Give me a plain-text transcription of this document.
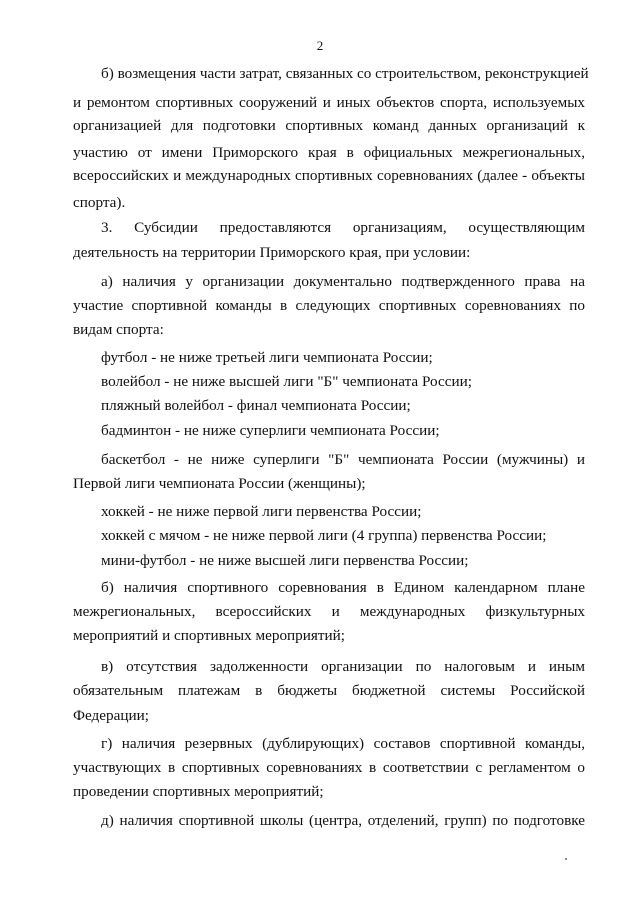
2
б) возмещения части затрат, связанных со строительством, реконструкцией
и ремонтом спортивных сооружений и иных объектов спорта, используемых
организацией для подготовки спортивных команд данных организаций к
участию от имени Приморского края в официальных межрегиональных,
всероссийских и международных спортивных соревнованиях (далее - объекты
спорта).
3. Субсидии предоставляются организациям, осуществляющим
деятельность на территории Приморского края, при условии:
а) наличия у организации документально подтвержденного права на
участие спортивной команды в следующих спортивных соревнованиях по
видам спорта:
футбол - не ниже третьей лиги чемпионата России;
волейбол - не ниже высшей лиги "Б" чемпионата России;
пляжный волейбол - финал чемпионата России;
бадминтон - не ниже суперлиги чемпионата России;
баскетбол - не ниже суперлиги "Б" чемпионата России (мужчины) и
Первой лиги чемпионата России (женщины);
хоккей - не ниже первой лиги первенства России;
хоккей с мячом - не ниже первой лиги (4 группа) первенства России;
мини-футбол - не ниже высшей лиги первенства России;
б) наличия спортивного соревнования в Едином календарном плане
межрегиональных, всероссийских и международных физкультурных
мероприятий и спортивных мероприятий;
в) отсутствия задолженности организации по налоговым и иным
обязательным платежам в бюджеты бюджетной системы Российской
Федерации;
г) наличия резервных (дублирующих) составов спортивной команды,
участвующих в спортивных соревнованиях в соответствии с регламентом о
проведении спортивных мероприятий;
д) наличия спортивной школы (центра, отделений, групп) по подготовке
